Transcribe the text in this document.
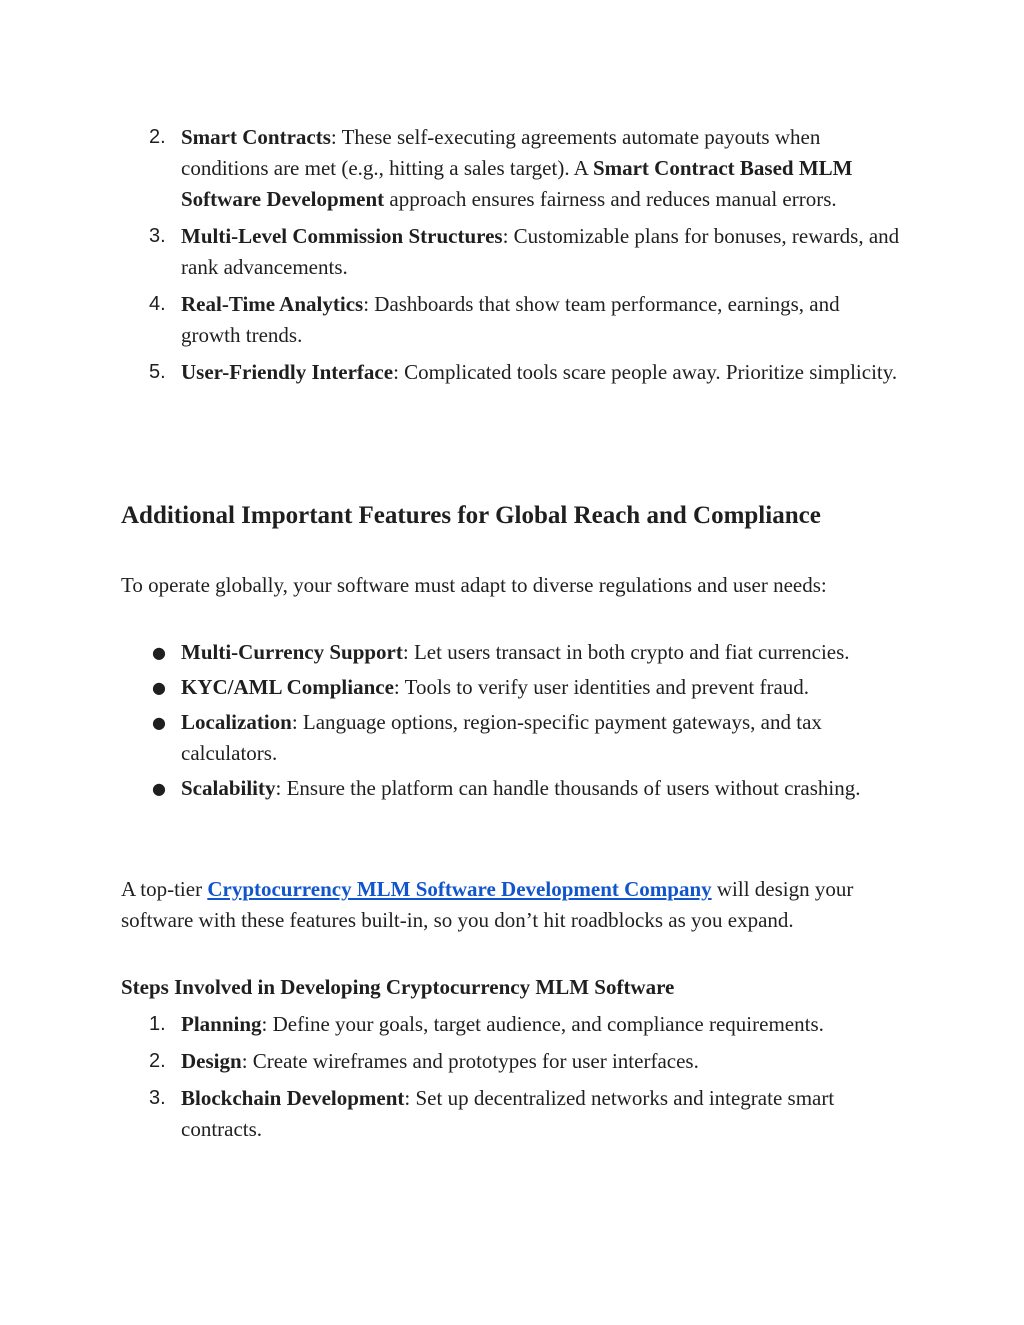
2. Smart Contracts: These self-executing agreements automate payouts when conditions are met (e.g., hitting a sales target). A Smart Contract Based MLM Software Development approach ensures fairness and reduces manual errors.
3. Multi-Level Commission Structures: Customizable plans for bonuses, rewards, and rank advancements.
4. Real-Time Analytics: Dashboards that show team performance, earnings, and growth trends.
5. User-Friendly Interface: Complicated tools scare people away. Prioritize simplicity.
Additional Important Features for Global Reach and Compliance

To operate globally, your software must adapt to diverse regulations and user needs:

● Multi-Currency Support: Let users transact in both crypto and fiat currencies.
● KYC/AML Compliance: Tools to verify user identities and prevent fraud.
● Localization: Language options, region-specific payment gateways, and tax calculators.
● Scalability: Ensure the platform can handle thousands of users without crashing.

A top-tier Cryptocurrency MLM Software Development Company will design your software with these features built-in, so you don’t hit roadblocks as you expand.

Steps Involved in Developing Cryptocurrency MLM Software

1. Planning: Define your goals, target audience, and compliance requirements.
2. Design: Create wireframes and prototypes for user interfaces.
3. Blockchain Development: Set up decentralized networks and integrate smart contracts.
